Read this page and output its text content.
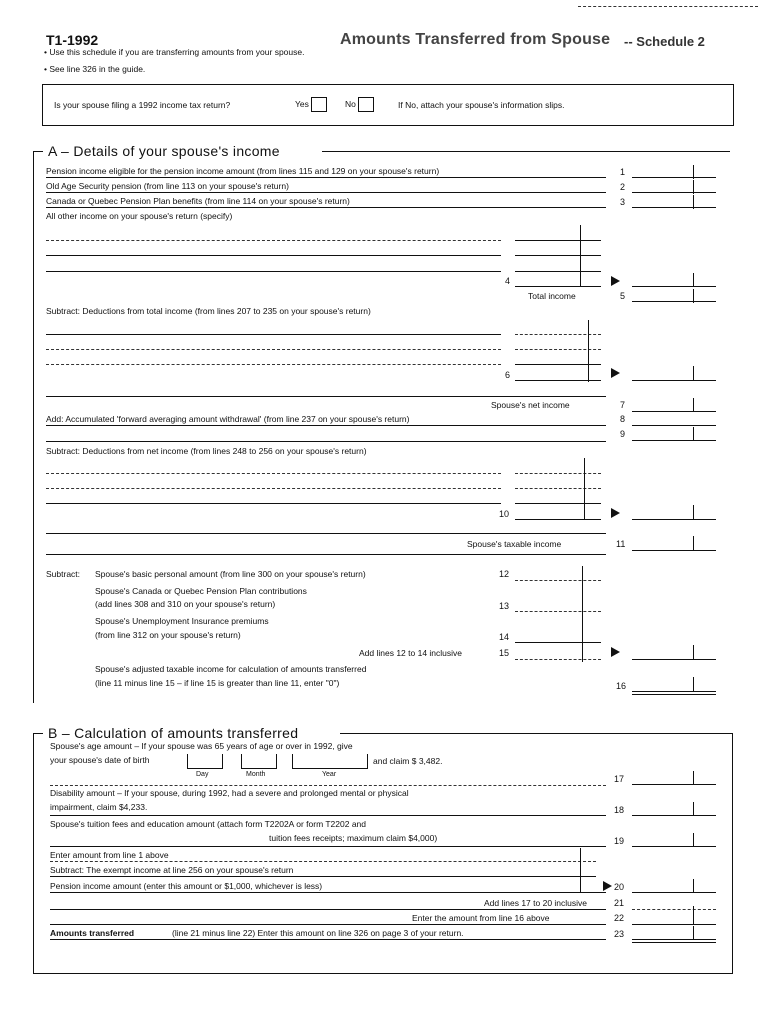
T1-1992	Amounts Transferred from Spouse -- Schedule 2
• Use this schedule if you are transferring amounts from your spouse.
• See line 326 in the guide.
Is your spouse filing a 1992 income tax return?	Yes	No	If No, attach your spouse's information slips.
A – Details of your spouse's income
Pension income eligible for the pension income amount (from lines 115 and 129 on your spouse's return)	1
Old Age Security pension (from line 113 on your spouse's return)	2
Canada or Quebec Pension Plan benefits (from line 114 on your spouse's return)	3
All other income on your spouse's return (specify)
4
Total income	5
Subtract: Deductions from total income (from lines 207 to 235 on your spouse's return)
6
Spouse's net income	7
Add: Accumulated 'forward averaging amount withdrawal' (from line 237 on your spouse's return)	8
9
Subtract: Deductions from net income (from lines 248 to 256 on your spouse's return)
10
Spouse's taxable income	11
Subtract: Spouse's basic personal amount (from line 300 on your spouse's return)	12
Spouse's Canada or Quebec Pension Plan contributions
(add lines 308 and 310 on your spouse's return)	13
Spouse's Unemployment Insurance premiums
(from line 312 on your spouse's return)	14
Add lines 12 to 14 inclusive	15
Spouse's adjusted taxable income for calculation of amounts transferred
(line 11 minus line 15 – if line 15 is greater than line 11, enter "0")	16
B – Calculation of amounts transferred
Spouse's age amount – If your spouse was 65 years of age or over in 1992, give
your spouse's date of birth
Day	Month	Year
and claim $ 3,482.
17
Disability amount – If your spouse, during 1992, had a severe and prolonged mental or physical
impairment, claim $4,233.	18
Spouse's tuition fees and education amount (attach form T2202A or form T2202 and
tuition fees receipts; maximum claim $4,000)	19
Enter amount from line 1 above
Subtract: The exempt income at line 256 on your spouse's return
Pension income amount (enter this amount or $1,000, whichever is less)	20
Add lines 17 to 20 inclusive	21
Enter the amount from line 16 above	22
Amounts transferred	(line 21 minus line 22) Enter this amount on line 326 on page 3 of your return.	23
